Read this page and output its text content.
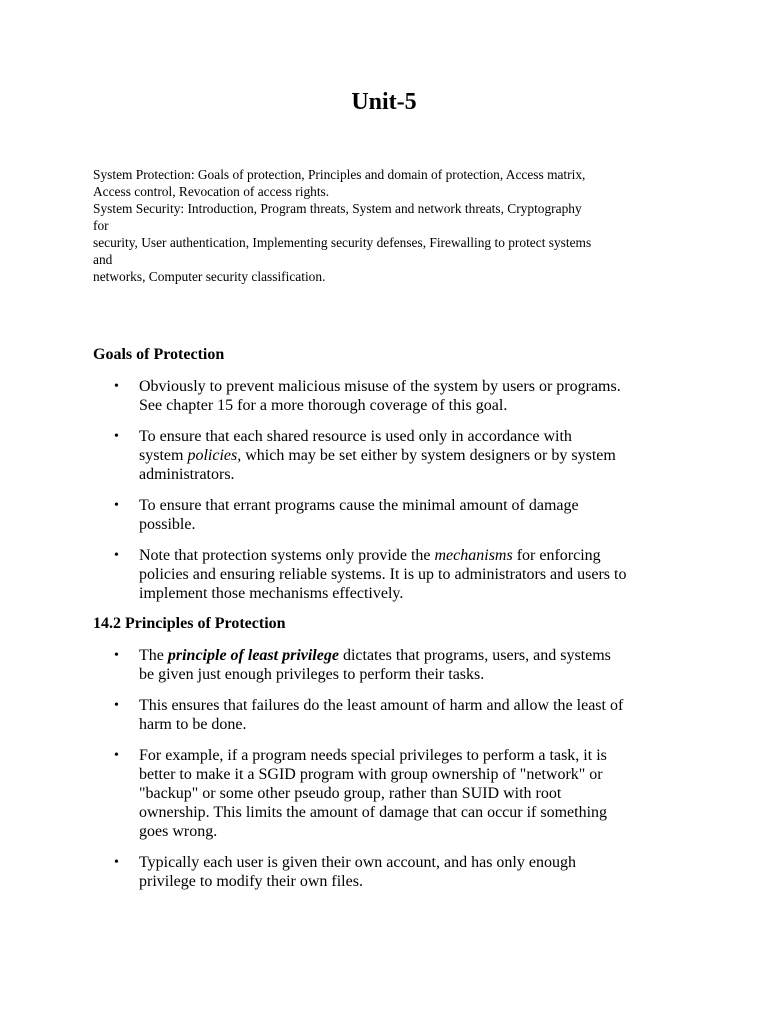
Unit-5
System Protection: Goals of protection, Principles and domain of protection, Access matrix,
Access control, Revocation of access rights.
System Security: Introduction, Program threats, System and network threats, Cryptography
for
security, User authentication, Implementing security defenses, Firewalling to protect systems
and
networks, Computer security classification.

Goals of Protection

• Obviously to prevent malicious misuse of the system by users or programs.
See chapter 15 for a more thorough coverage of this goal.
• To ensure that each shared resource is used only in accordance with
system policies, which may be set either by system designers or by system
administrators.
• To ensure that errant programs cause the minimal amount of damage
possible.
• Note that protection systems only provide the mechanisms for enforcing
policies and ensuring reliable systems. It is up to administrators and users to
implement those mechanisms effectively.

14.2 Principles of Protection

• The principle of least privilege dictates that programs, users, and systems
be given just enough privileges to perform their tasks.
• This ensures that failures do the least amount of harm and allow the least of
harm to be done.
• For example, if a program needs special privileges to perform a task, it is
better to make it a SGID program with group ownership of "network" or
"backup" or some other pseudo group, rather than SUID with root
ownership. This limits the amount of damage that can occur if something
goes wrong.
• Typically each user is given their own account, and has only enough
privilege to modify their own files.
